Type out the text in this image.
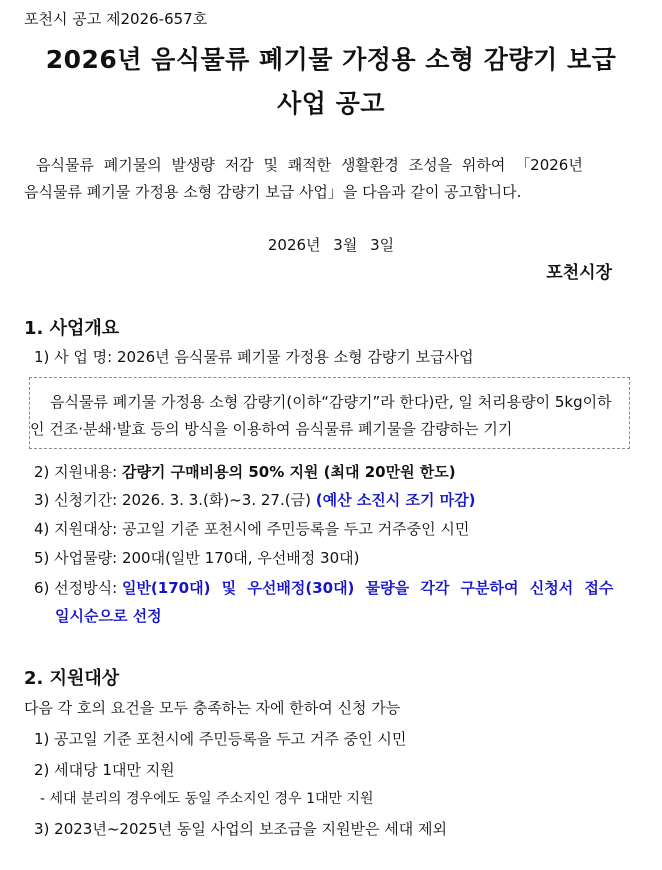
포천시 공고 제2026-657호
2026년 음식물류 폐기물 가정용 소형 감량기 보급
사업 공고
음식물류 폐기물의 발생량 저감 및 쾌적한 생활환경 조성을 위하여 「2026년
음식물류 폐기물 가정용 소형 감량기 보급 사업」을 다음과 같이 공고합니다.
2026년 3월 3일
포천시장
1. 사업개요
1) 사 업 명: 2026년 음식물류 폐기물 가정용 소형 감량기 보급사업
음식물류 폐기물 가정용 소형 감량기(이하“감량기”라 한다)란, 일 처리용량이 5kg이하
인 건조·분쇄·발효 등의 방식을 이용하여 음식물류 폐기물을 감량하는 기기
2) 지원내용: 감량기 구매비용의 50% 지원 (최대 20만원 한도)
3) 신청기간: 2026. 3. 3.(화)~3. 27.(금) (예산 소진시 조기 마감)
4) 지원대상: 공고일 기준 포천시에 주민등록을 두고 거주중인 시민
5) 사업물량: 200대(일반 170대, 우선배정 30대)
6) 선정방식: 일반(170대) 및 우선배정(30대) 물량을 각각 구분하여 신청서 접수
일시순으로 선정
2. 지원대상
다음 각 호의 요건을 모두 충족하는 자에 한하여 신청 가능
1) 공고일 기준 포천시에 주민등록을 두고 거주 중인 시민
2) 세대당 1대만 지원
- 세대 분리의 경우에도 동일 주소지인 경우 1대만 지원
3) 2023년~2025년 동일 사업의 보조금을 지원받은 세대 제외
